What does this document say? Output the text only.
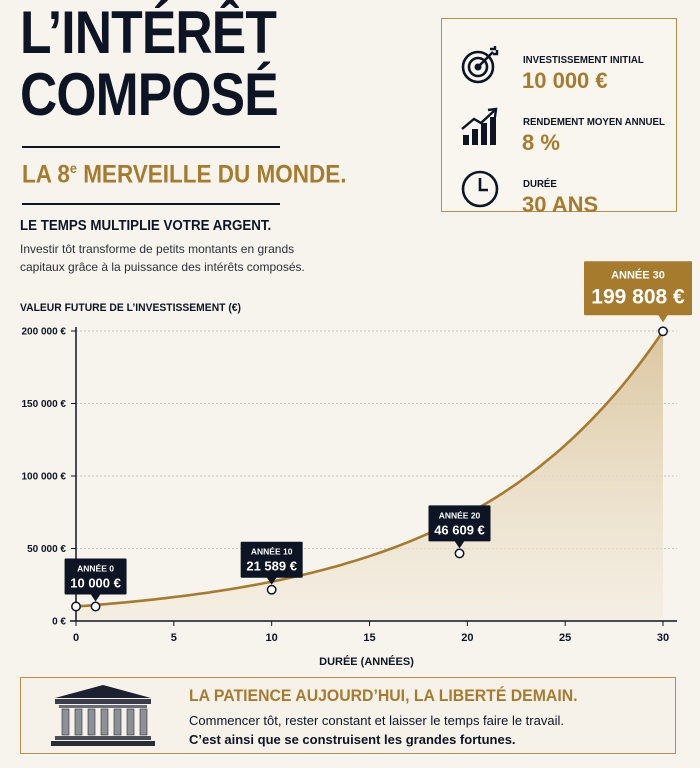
L’INTÉRÊT
COMPOSÉ
LA 8e MERVEILLE DU MONDE.
LE TEMPS MULTIPLIE VOTRE ARGENT.
Investir tôt transforme de petits montants en grands capitaux grâce à la puissance des intérêts composés.
INVESTISSEMENT INITIAL
10 000 €
RENDEMENT MOYEN ANNUEL
8 %
DURÉE
30 ANS
VALEUR FUTURE DE L’INVESTISSEMENT (€)
0 €
50 000 €
100 000 €
150 000 €
200 000 €
0	5	10	15	20	25	30
DURÉE (ANNÉES)
ANNÉE 0
10 000 €
ANNÉE 10
21 589 €
ANNÉE 20
46 609 €
ANNÉE 30
199 808 €
LA PATIENCE AUJOURD’HUI, LA LIBERTÉ DEMAIN.
Commencer tôt, rester constant et laisser le temps faire le travail.
C’est ainsi que se construisent les grandes fortunes.
